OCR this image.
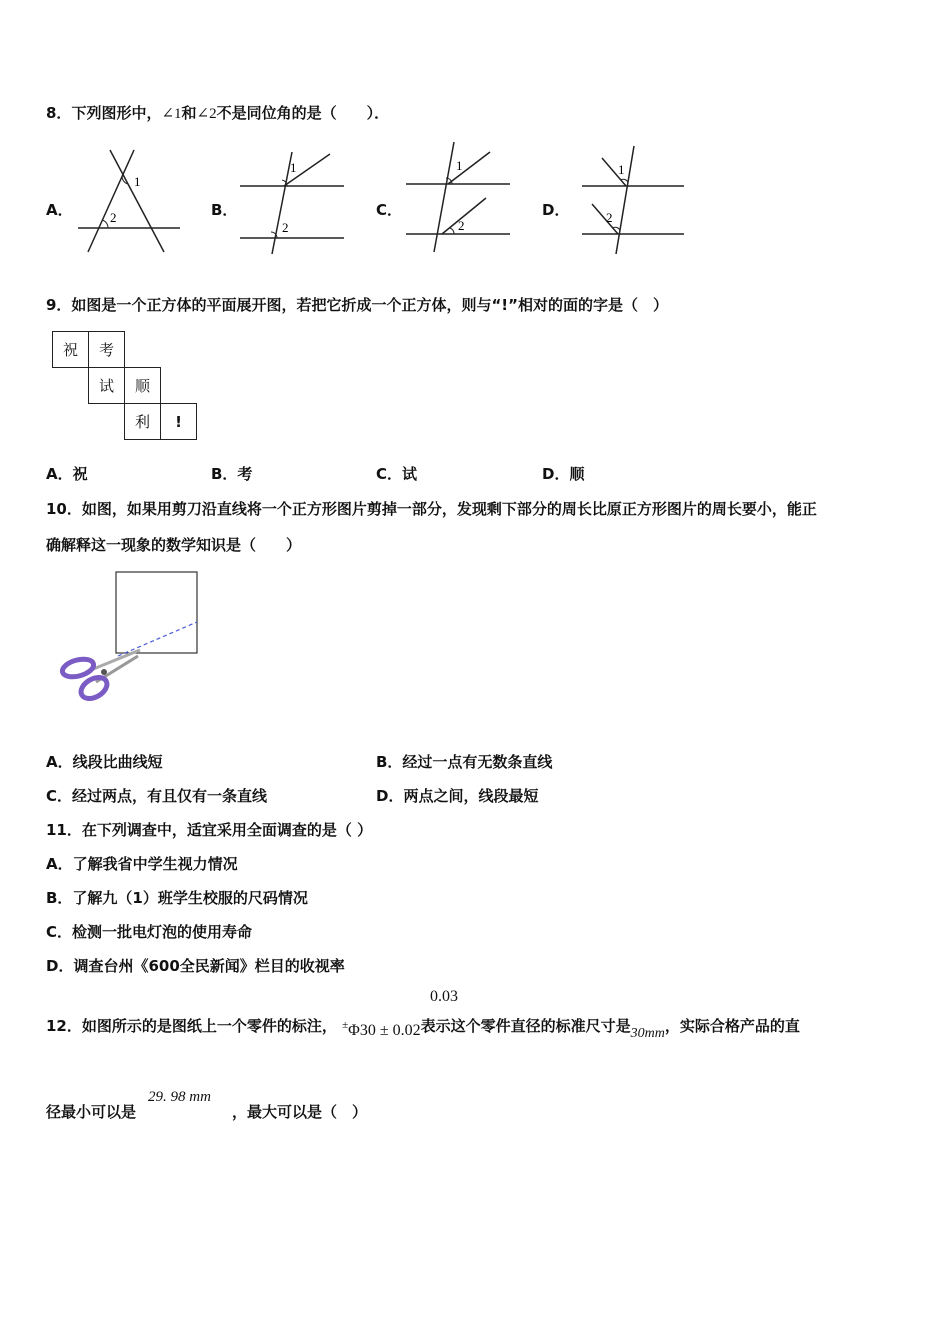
8．下列图形中，∠1和∠2不是同位角的是（　　）．
A．
1
2	B．
1
2
C．
1
2
D．
1
2
9．如图是一个正方体的平面展开图，若把它折成一个正方体，则与“!”相对的面的字是（　）
祝	考
试	顺
利	!
A．祝	B．考	C．试	D．顺
10．如图，如果用剪刀沿直线将一个正方形图片剪掉一部分，发现剩下部分的周长比原正方形图片的周长要小，能正
确解释这一现象的数学知识是（　　）
A．线段比曲线短	B．经过一点有无数条直线
C．经过两点，有且仅有一条直线	D．两点之间，线段最短
11．在下列调查中，适宜采用全面调查的是（ ）
A．了解我省中学生视力情况
B．了解九（1）班学生校服的尺码情况
C．检测一批电灯泡的使用寿命
D．调查台州《600全民新闻》栏目的收视率
0.03
12．如图所示的是图纸上一个零件的标注， ±Φ30 ± 0.02表示这个零件直径的标准尺寸是30mm，实际合格产品的直
29. 98 mm
径最小可以是	，最大可以是（　）
